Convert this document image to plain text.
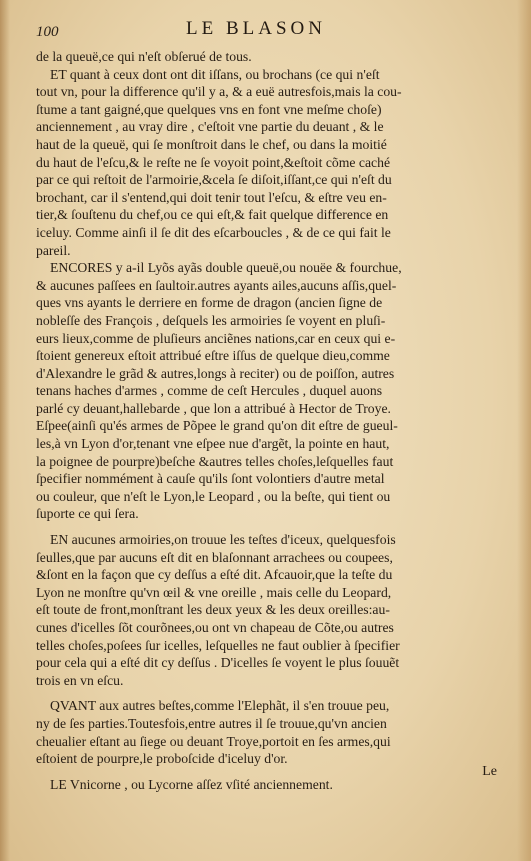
100	LE BLASON
de la queuë,ce qui n'eſt obſerué de tous.
ET quant à ceux dont ont dit iſſans, ou brochans (ce qui n'eſt
tout vn, pour la difference qu'il y a, & a euë autresfois,mais la cou-
ſtume a tant gaigné,que quelques vns en font vne meſme choſe)
anciennement , au vray dire , c'eſtoit vne partie du deuant , & le
haut de la queuë, qui ſe monſtroit dans le chef, ou dans la moitié
du haut de l'eſcu,& le reſte ne ſe voyoit point,&eſtoit cõme caché
par ce qui reſtoit de l'armoirie,&cela ſe diſoit,iſſant,ce qui n'eſt du
brochant, car il s'entend,qui doit tenir tout l'eſcu, & eſtre veu en-
tier,& ſouſtenu du chef,ou ce qui eſt,& fait quelque difference en
iceluy. Comme ainſi il ſe dit des eſcarboucles , & de ce qui fait le
pareil.
ENCORES y a-il Lyõs ayãs double queuë,ou nouëe & fourchue,
& aucunes paſſees en ſaultoir.autres ayants ailes,aucuns aſſis,quel-
ques vns ayants le derriere en forme de dragon (ancien ſigne de
nobleſſe des François , deſquels les armoiries ſe voyent en pluſi-
eurs lieux,comme de pluſieurs anciẽnes nations,car en ceux qui e-
ſtoient genereux eſtoit attribué eſtre iſſus de quelque dieu,comme
d'Alexandre le grãd & autres,longs à reciter) ou de poiſſon, autres
tenans haches d'armes , comme de ceſt Hercules , duquel auons
parlé cy deuant,hallebarde , que lon a attribué à Hector de Troye.
Eſpee(ainſi qu'és armes de Põpee le grand qu'on dit eſtre de gueul-
les,à vn Lyon d'or,tenant vne eſpee nue d'argẽt, la pointe en haut,
la poignee de pourpre)beſche &autres telles choſes,leſquelles faut
ſpecifier nommément à cauſe qu'ils ſont volontiers d'autre metal
ou couleur, que n'eſt le Lyon,le Leopard , ou la beſte, qui tient ou
ſuporte ce qui ſera.
EN aucunes armoiries,on trouue les teſtes d'iceux, quelquesfois
ſeulles,que par aucuns eſt dit en blaſonnant arrachees ou coupees,
&ſont en la façon que cy deſſus a eſté dit. Afcauoir,que la teſte du
Lyon ne monſtre qu'vn œil & vne oreille , mais celle du Leopard,
eſt toute de front,monſtrant les deux yeux & les deux oreilles:au-
cunes d'icelles ſõt courõnees,ou ont vn chapeau de Cõte,ou autres
telles choſes,poſees ſur icelles, leſquelles ne faut oublier à ſpecifier
pour cela qui a eſté dit cy deſſus . D'icelles ſe voyent le plus ſouuẽt
trois en vn eſcu.
QVANT aux autres beſtes,comme l'Elephãt, il s'en trouue peu,
ny de ſes parties.Toutesfois,entre autres il ſe trouue,qu'vn ancien
cheualier eſtant au ſiege ou deuant Troye,portoit en ſes armes,qui
eſtoient de pourpre,le proboſcide d'iceluy d'or.
LE Vnicorne , ou Lycorne aſſez vſité anciennement.
Le
